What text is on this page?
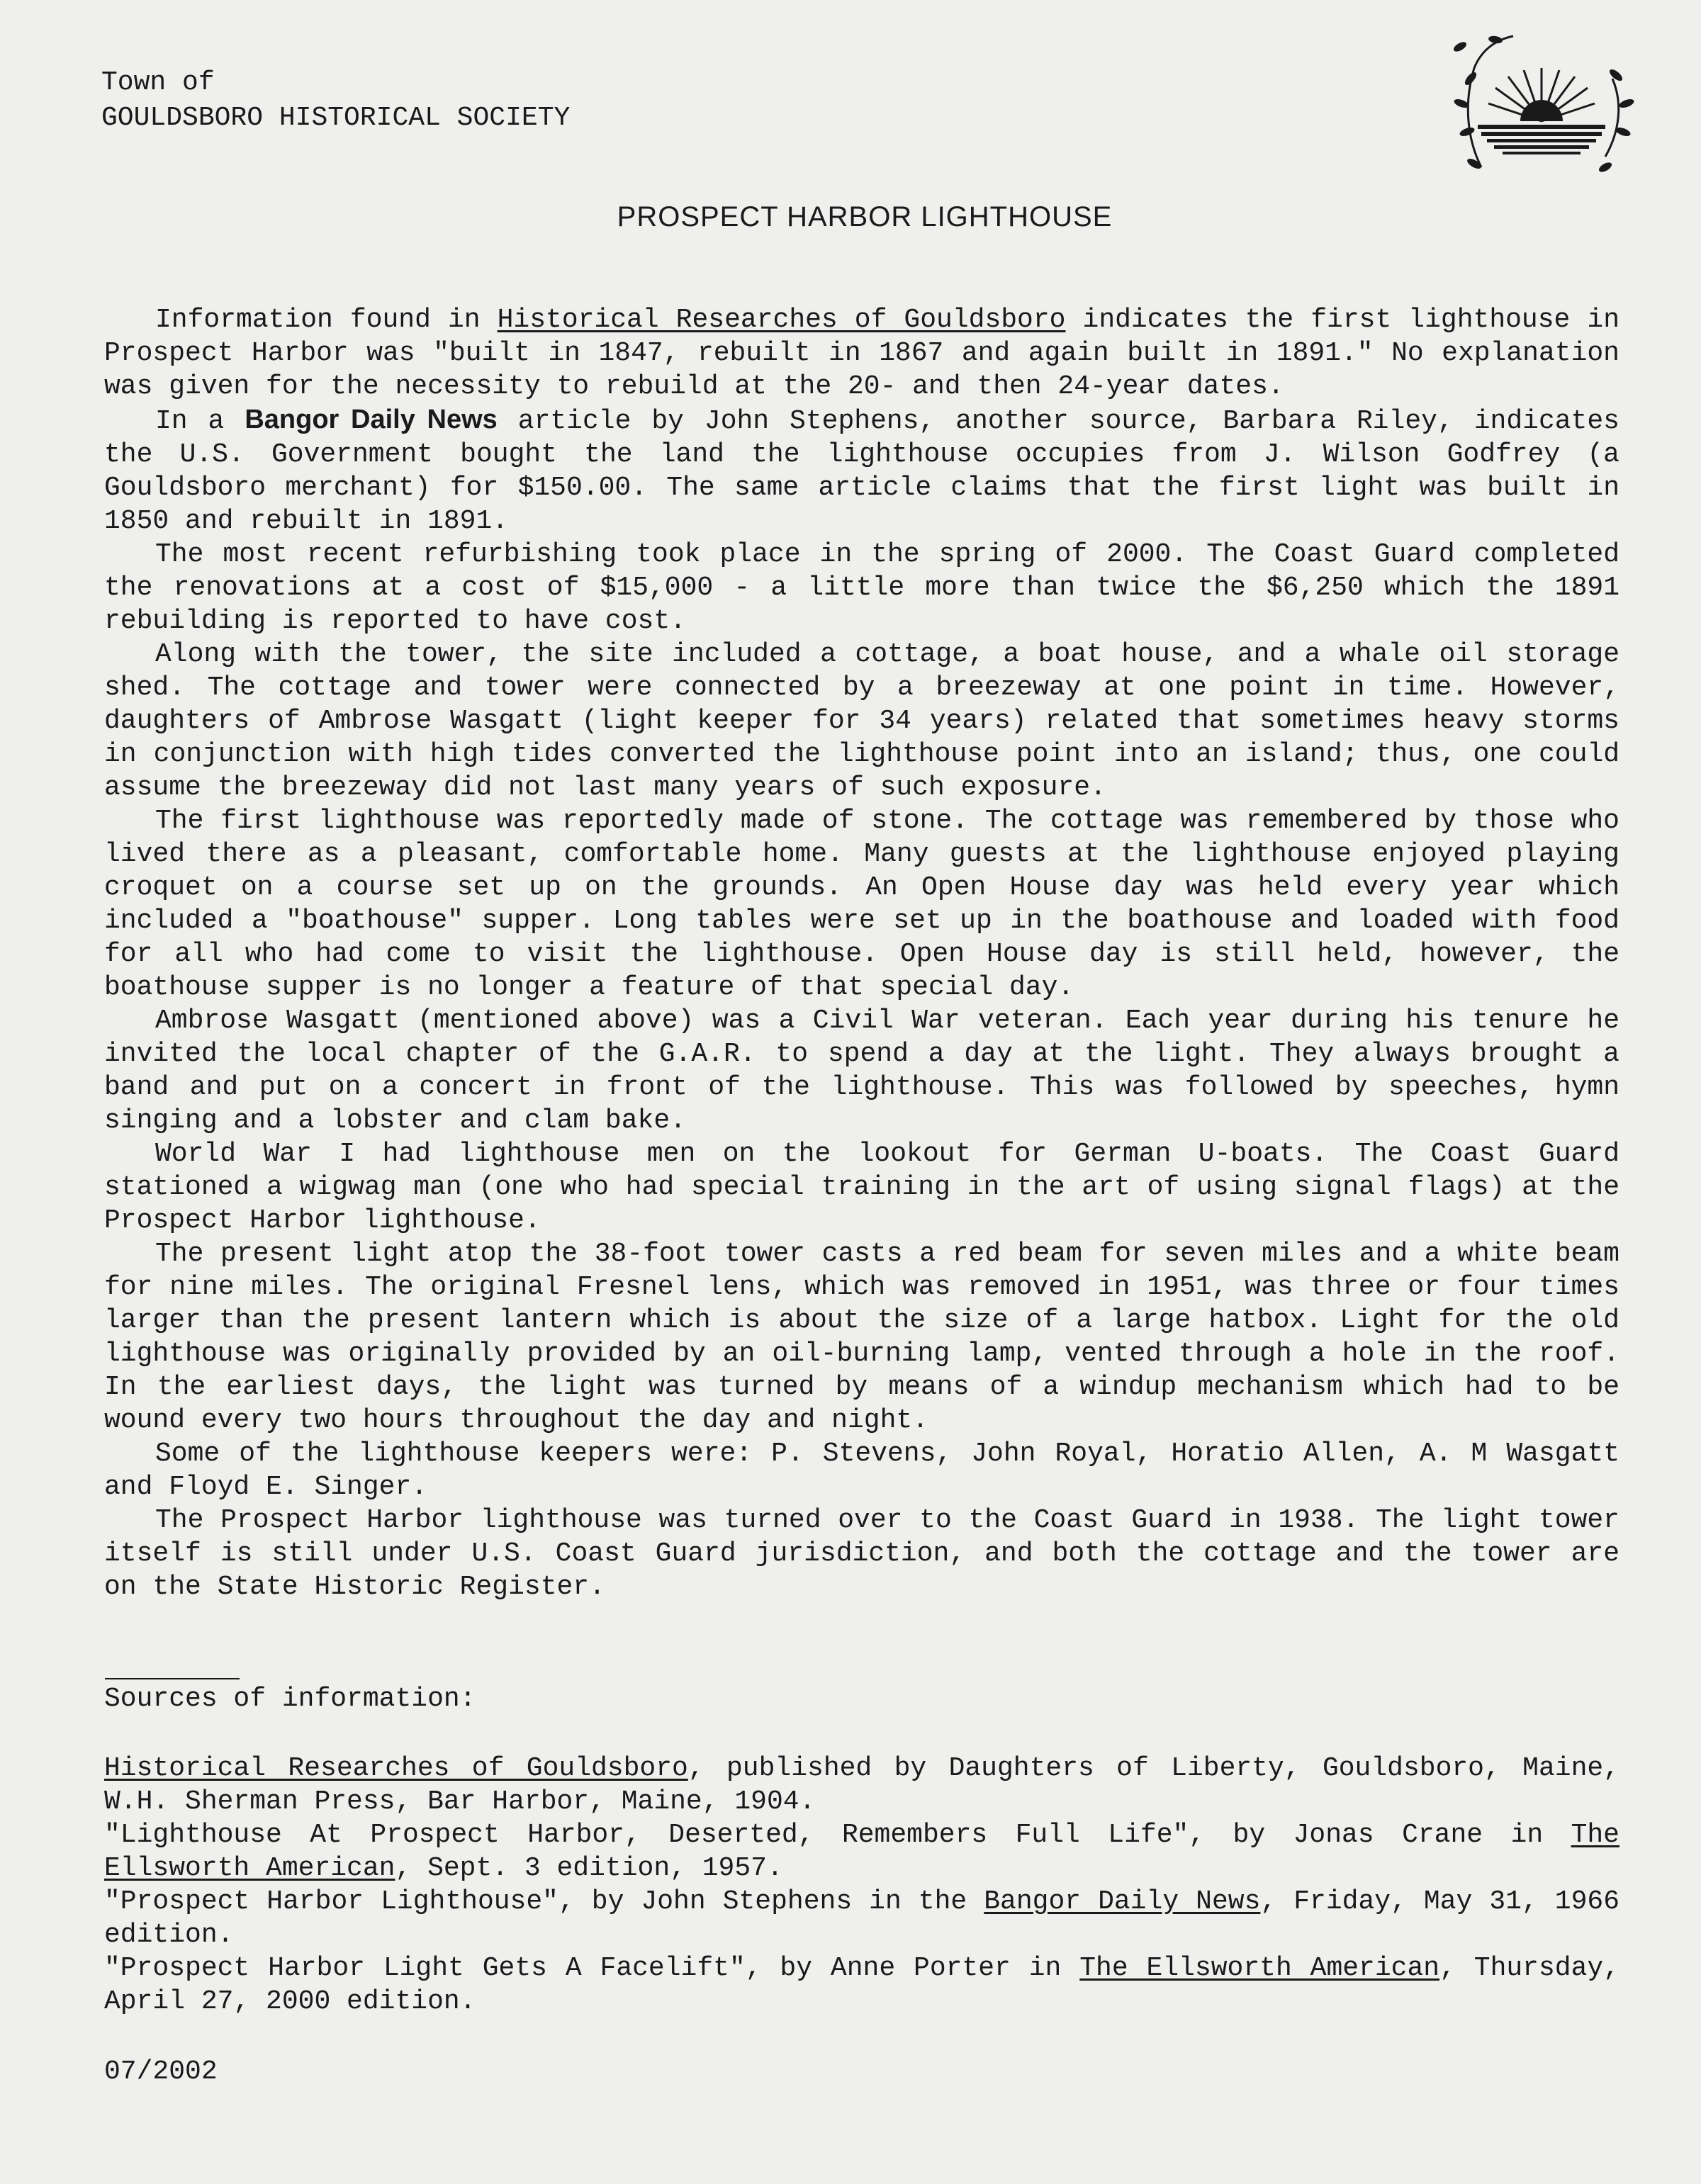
Town of
GOULDSBORO HISTORICAL SOCIETY
PROSPECT HARBOR LIGHTHOUSE

Information found in Historical Researches of Gouldsboro indicates the first lighthouse in Prospect Harbor was "built in 1847, rebuilt in 1867 and again built in 1891." No explanation was given for the necessity to rebuild at the 20- and then 24-year dates.

In a Bangor Daily News article by John Stephens, another source, Barbara Riley, indicates the U.S. Government bought the land the lighthouse occupies from J. Wilson Godfrey (a Gouldsboro merchant) for $150.00. The same article claims that the first light was built in 1850 and rebuilt in 1891.

The most recent refurbishing took place in the spring of 2000. The Coast Guard completed the renovations at a cost of $15,000 - a little more than twice the $6,250 which the 1891 rebuilding is reported to have cost.

Along with the tower, the site included a cottage, a boat house, and a whale oil storage shed. The cottage and tower were connected by a breezeway at one point in time. However, daughters of Ambrose Wasgatt (light keeper for 34 years) related that sometimes heavy storms in conjunction with high tides converted the lighthouse point into an island; thus, one could assume the breezeway did not last many years of such exposure.

The first lighthouse was reportedly made of stone. The cottage was remembered by those who lived there as a pleasant, comfortable home. Many guests at the lighthouse enjoyed playing croquet on a course set up on the grounds. An Open House day was held every year which included a "boathouse" supper. Long tables were set up in the boathouse and loaded with food for all who had come to visit the lighthouse. Open House day is still held, however, the boathouse supper is no longer a feature of that special day.

Ambrose Wasgatt (mentioned above) was a Civil War veteran. Each year during his tenure he invited the local chapter of the G.A.R. to spend a day at the light. They always brought a band and put on a concert in front of the lighthouse. This was followed by speeches, hymn singing and a lobster and clam bake.

World War I had lighthouse men on the lookout for German U-boats. The Coast Guard stationed a wigwag man (one who had special training in the art of using signal flags) at the Prospect Harbor lighthouse.

The present light atop the 38-foot tower casts a red beam for seven miles and a white beam for nine miles. The original Fresnel lens, which was removed in 1951, was three or four times larger than the present lantern which is about the size of a large hatbox. Light for the old lighthouse was originally provided by an oil-burning lamp, vented through a hole in the roof. In the earliest days, the light was turned by means of a windup mechanism which had to be wound every two hours throughout the day and night.

Some of the lighthouse keepers were: P. Stevens, John Royal, Horatio Allen, A. M Wasgatt and Floyd E. Singer.

The Prospect Harbor lighthouse was turned over to the Coast Guard in 1938. The light tower itself is still under U.S. Coast Guard jurisdiction, and both the cottage and the tower are on the State Historic Register.

Sources of information:

Historical Researches of Gouldsboro, published by Daughters of Liberty, Gouldsboro, Maine, W.H. Sherman Press, Bar Harbor, Maine, 1904.

"Lighthouse At Prospect Harbor, Deserted, Remembers Full Life", by Jonas Crane in The Ellsworth American, Sept. 3 edition, 1957.

"Prospect Harbor Lighthouse", by John Stephens in the Bangor Daily News, Friday, May 31, 1966 edition.

"Prospect Harbor Light Gets A Facelift", by Anne Porter in The Ellsworth American, Thursday, April 27, 2000 edition.

07/2002
